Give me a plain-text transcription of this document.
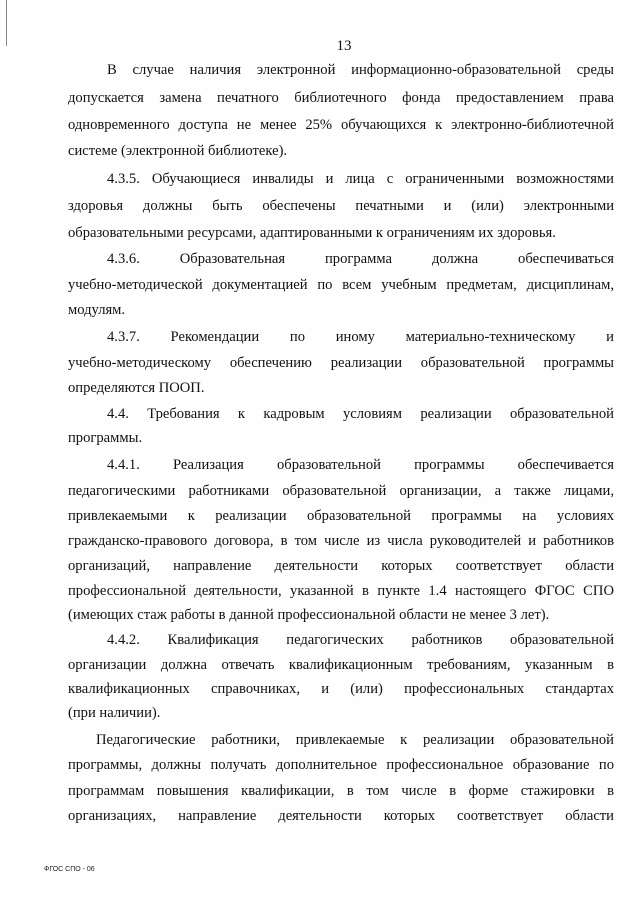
13
В случае наличия электронной информационно-образовательной среды
допускается замена печатного библиотечного фонда предоставлением права
одновременного доступа не менее 25% обучающихся к электронно-библиотечной
системе (электронной библиотеке).
4.3.5. Обучающиеся инвалиды и лица с ограниченными возможностями
здоровья должны быть обеспечены печатными и (или) электронными
образовательными ресурсами, адаптированными к ограничениям их здоровья.
4.3.6. Образовательная программа должна обеспечиваться
учебно-методической документацией по всем учебным предметам, дисциплинам,
модулям.
4.3.7. Рекомендации по иному материально-техническому и
учебно-методическому обеспечению реализации образовательной программы
определяются ПООП.
4.4. Требования к кадровым условиям реализации образовательной
программы.
4.4.1. Реализация образовательной программы обеспечивается
педагогическими работниками образовательной организации, а также лицами,
привлекаемыми к реализации образовательной программы на условиях
гражданско-правового договора, в том числе из числа руководителей и работников
организаций, направление деятельности которых соответствует области
профессиональной деятельности, указанной в пункте 1.4 настоящего ФГОС СПО
(имеющих стаж работы в данной профессиональной области не менее 3 лет).
4.4.2. Квалификация педагогических работников образовательной
организации должна отвечать квалификационным требованиям, указанным в
квалификационных справочниках, и (или) профессиональных стандартах
(при наличии).
Педагогические работники, привлекаемые к реализации образовательной
программы, должны получать дополнительное профессиональное образование по
программам повышения квалификации, в том числе в форме стажировки в
организациях, направление деятельности которых соответствует области
ФГОС СПО - 06
